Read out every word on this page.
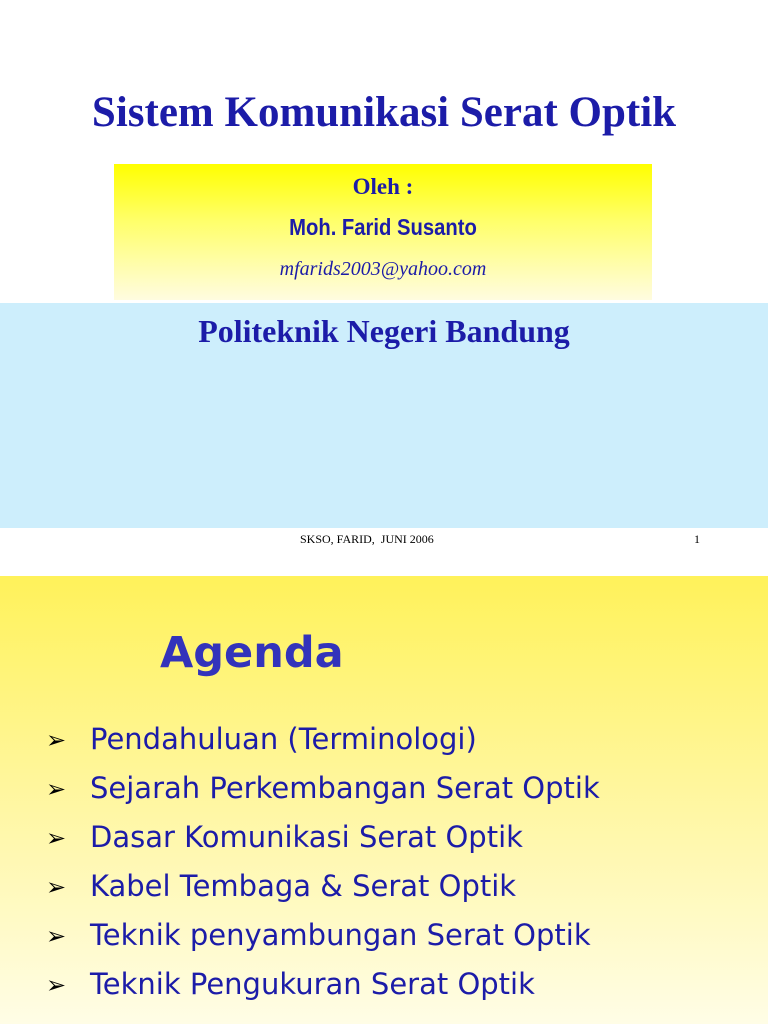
Sistem Komunikasi Serat Optik
Oleh :
Moh. Farid Susanto
mfarids2003@yahoo.com
Politeknik Negeri Bandung
SKSO, FARID,  JUNI 2006	1
Agenda
➢ Pendahuluan (Terminologi)
➢ Sejarah Perkembangan Serat Optik
➢ Dasar Komunikasi Serat Optik
➢ Kabel Tembaga & Serat Optik
➢ Teknik penyambungan Serat Optik
➢ Teknik Pengukuran Serat Optik
